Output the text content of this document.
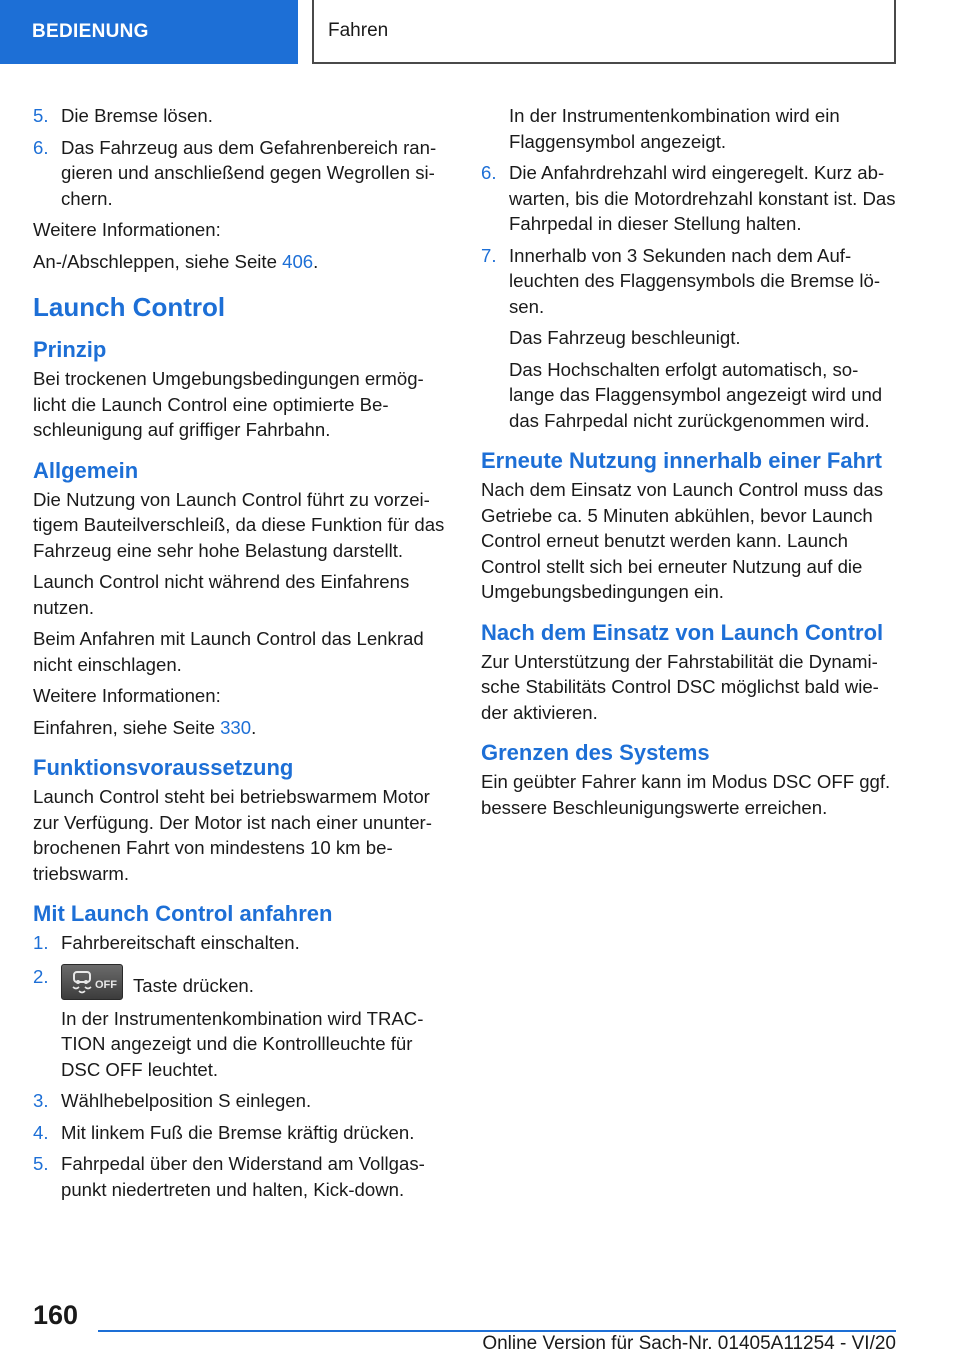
BEDIENUNG	Fahren
5. Die Bremse lösen.
6. Das Fahrzeug aus dem Gefahrenbereich ran- gieren und anschließend gegen Wegrollen si- chern.

Weitere Informationen:

An-/Abschleppen, siehe Seite 406.

Launch Control
Prinzip

Bei trockenen Umgebungsbedingungen ermög- licht die Launch Control eine optimierte Be- schleunigung auf griffiger Fahrbahn.

Allgemein

Die Nutzung von Launch Control führt zu vorzei- tigem Bauteilverschleiß, da diese Funktion für das Fahrzeug eine sehr hohe Belastung darstellt.

Launch Control nicht während des Einfahrens nutzen.

Beim Anfahren mit Launch Control das Lenkrad nicht einschlagen.

Weitere Informationen:

Einfahren, siehe Seite 330.

Funktionsvoraussetzung

Launch Control steht bei betriebswarmem Motor zur Verfügung. Der Motor ist nach einer ununter- brochenen Fahrt von mindestens 10 km be- triebswarm.

Mit Launch Control anfahren
1. Fahrbereitschaft einschalten.
2.	OFF Taste drücken.

In der Instrumentenkombination wird TRAC- TION angezeigt und die Kontrollleuchte für DSC OFF leuchtet.

3. Wählhebelposition S einlegen.
4. Mit linkem Fuß die Bremse kräftig drücken.
5. Fahrpedal über den Widerstand am Vollgas- punkt niedertreten und halten, Kick-down.

In der Instrumentenkombination wird ein Flaggensymbol angezeigt.

6. Die Anfahrdrehzahl wird eingeregelt. Kurz ab- warten, bis die Motordrehzahl konstant ist. Das Fahrpedal in dieser Stellung halten.
7. Innerhalb von 3 Sekunden nach dem Auf- leuchten des Flaggensymbols die Bremse lö- sen.

Das Fahrzeug beschleunigt.

Das Hochschalten erfolgt automatisch, so- lange das Flaggensymbol angezeigt wird und das Fahrpedal nicht zurückgenommen wird.

Erneute Nutzung innerhalb einer Fahrt

Nach dem Einsatz von Launch Control muss das Getriebe ca. 5 Minuten abkühlen, bevor Launch Control erneut benutzt werden kann. Launch Control stellt sich bei erneuter Nutzung auf die Umgebungsbedingungen ein.

Nach dem Einsatz von Launch Control

Zur Unterstützung der Fahrstabilität die Dynami- sche Stabilitäts Control DSC möglichst bald wie- der aktivieren.

Grenzen des Systems

Ein geübter Fahrer kann im Modus DSC OFF ggf. bessere Beschleunigungswerte erreichen.

160
Online Version für Sach-Nr. 01405A11254 - VI/20
